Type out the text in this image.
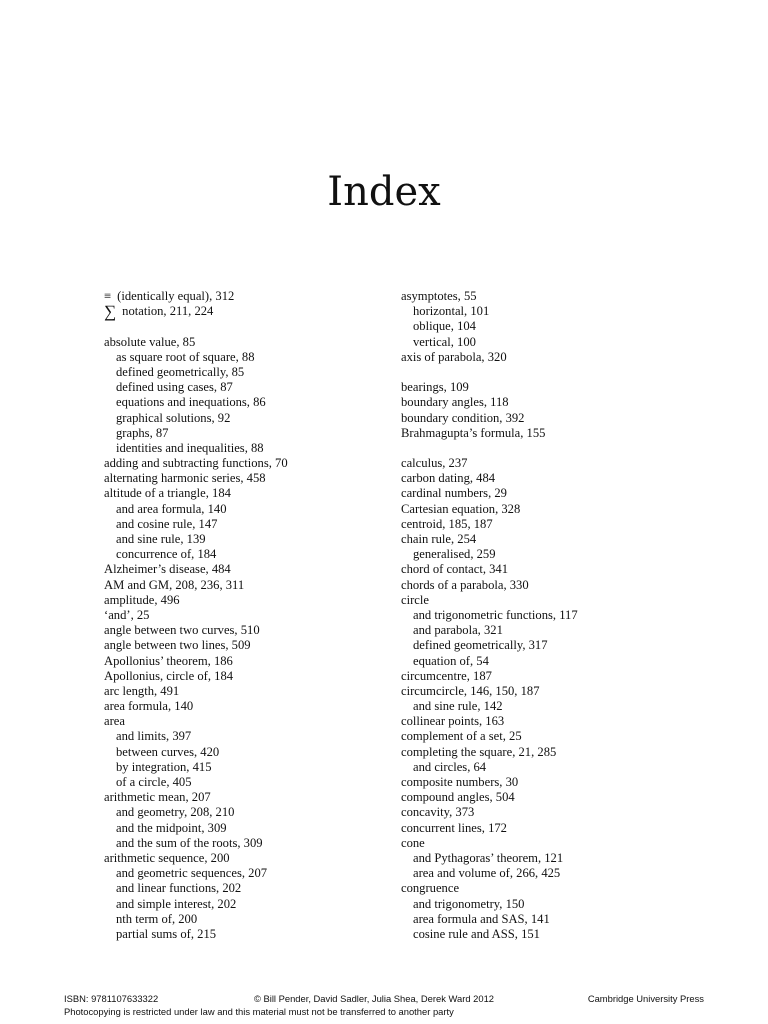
Index
≡ (identically equal), 312
∑ notation, 211, 224
absolute value, 85
as square root of square, 88
defined geometrically, 85
defined using cases, 87
equations and inequations, 86
graphical solutions, 92
graphs, 87
identities and inequalities, 88
adding and subtracting functions, 70
alternating harmonic series, 458
altitude of a triangle, 184
and area formula, 140
and cosine rule, 147
and sine rule, 139
concurrence of, 184
Alzheimer’s disease, 484
AM and GM, 208, 236, 311
amplitude, 496
‘and’, 25
angle between two curves, 510
angle between two lines, 509
Apollonius’ theorem, 186
Apollonius, circle of, 184
arc length, 491
area formula, 140
area
and limits, 397
between curves, 420
by integration, 415
of a circle, 405
arithmetic mean, 207
and geometry, 208, 210
and the midpoint, 309
and the sum of the roots, 309
arithmetic sequence, 200
and geometric sequences, 207
and linear functions, 202
and simple interest, 202
nth term of, 200
partial sums of, 215
asymptotes, 55
horizontal, 101
oblique, 104
vertical, 100
axis of parabola, 320
bearings, 109
boundary angles, 118
boundary condition, 392
Brahmagupta’s formula, 155
calculus, 237
carbon dating, 484
cardinal numbers, 29
Cartesian equation, 328
centroid, 185, 187
chain rule, 254
generalised, 259
chord of contact, 341
chords of a parabola, 330
circle
and trigonometric functions, 117
and parabola, 321
defined geometrically, 317
equation of, 54
circumcentre, 187
circumcircle, 146, 150, 187
and sine rule, 142
collinear points, 163
complement of a set, 25
completing the square, 21, 285
and circles, 64
composite numbers, 30
compound angles, 504
concavity, 373
concurrent lines, 172
cone
and Pythagoras’ theorem, 121
area and volume of, 266, 425
congruence
and trigonometry, 150
area formula and SAS, 141
cosine rule and ASS, 151
ISBN: 9781107633322	© Bill Pender, David Sadler, Julia Shea, Derek Ward 2012	Cambridge University Press
Photocopying is restricted under law and this material must not be transferred to another party
